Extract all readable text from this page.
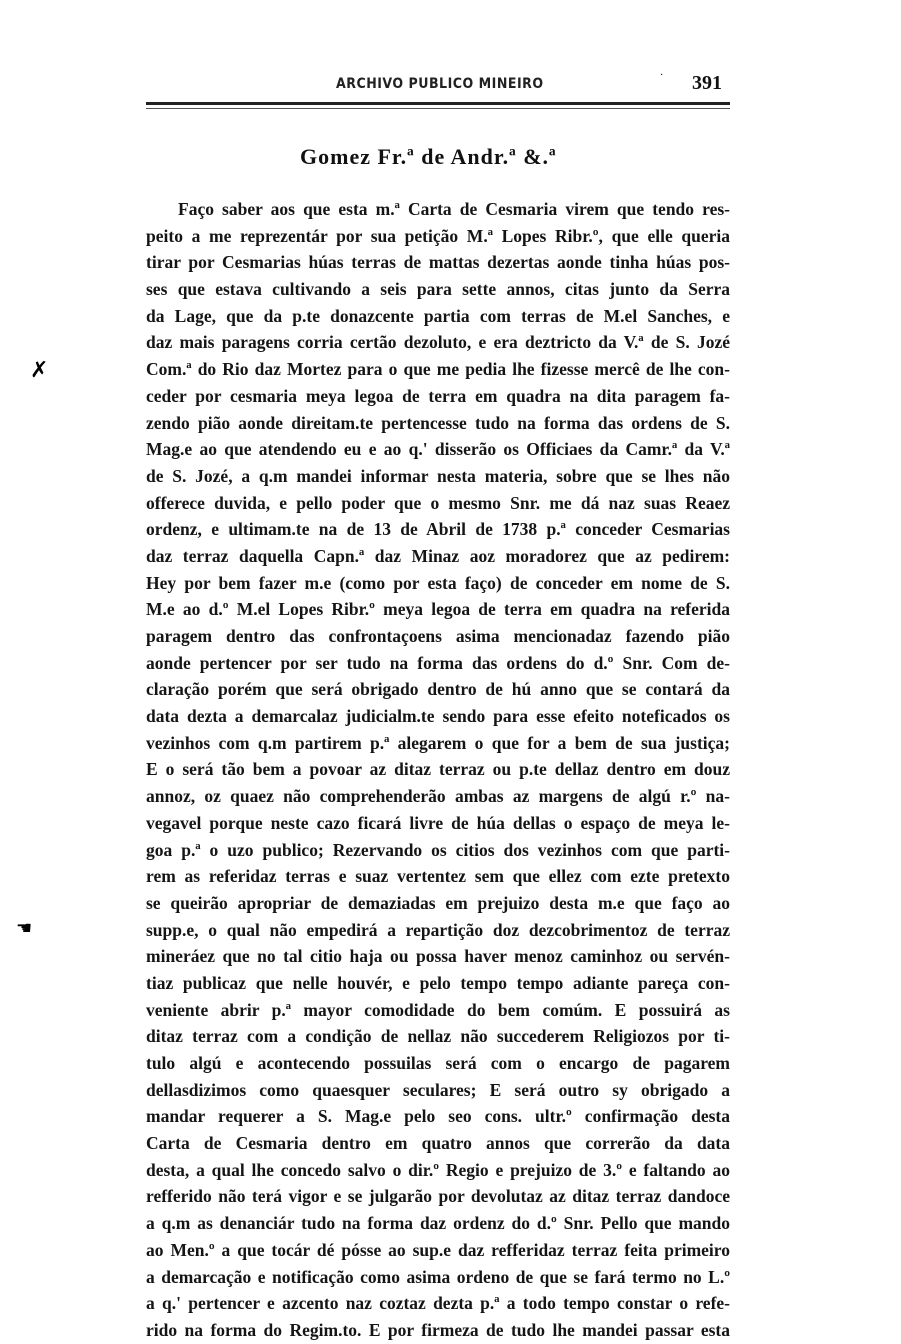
ARCHIVO PUBLICO MINEIRO
· 391
Gomez Fr.ª de Andr.ª &.ª
Faço saber aos que esta m.ª Carta de Cesmaria virem que tendo res-
peito a me reprezentár por sua petição M.ª Lopes Ribr.º, que elle queria
tirar por Cesmarias húas terras de mattas dezertas aonde tinha húas pos-
ses que estava cultivando a seis para sette annos, citas junto da Serra
da Lage, que da p.te donazcente partia com terras de M.el Sanches, e
daz mais paragens corria certão dezoluto, e era deztricto da V.ª de S. Jozé
Com.ª do Rio daz Mortez para o que me pedia lhe fizesse mercê de lhe con-
ceder por cesmaria meya legoa de terra em quadra na dita paragem fa-
zendo pião aonde direitam.te pertencesse tudo na forma das ordens de S.
Mag.e ao que atendendo eu e ao q.' disserão os Officiaes da Camr.ª da V.ª
de S. Jozé, a q.m mandei informar nesta materia, sobre que se lhes não
offerece duvida, e pello poder que o mesmo Snr. me dá naz suas Reaez
ordenz, e ultimam.te na de 13 de Abril de 1738 p.ª conceder Cesmarias
daz terraz daquella Capn.ª daz Minaz aoz moradorez que az pedirem:
Hey por bem fazer m.e (como por esta faço) de conceder em nome de S.
M.e ao d.º M.el Lopes Ribr.º meya legoa de terra em quadra na referida
paragem dentro das confrontaçoens asima mencionadaz fazendo pião
aonde pertencer por ser tudo na forma das ordens do d.º Snr. Com de-
claração porém que será obrigado dentro de hú anno que se contará da
data dezta a demarcalaz judicialm.te sendo para esse efeito noteficados os
vezinhos com q.m partirem p.ª alegarem o que for a bem de sua justiça;
E o será tão bem a povoar az ditaz terraz ou p.te dellaz dentro em douz
annoz, oz quaez não comprehenderão ambas az margens de algú r.º na-
vegavel porque neste cazo ficará livre de húa dellas o espaço de meya le-
goa p.ª o uzo publico; Rezervando os citios dos vezinhos com que parti-
rem as referidaz terras e suaz vertentez sem que ellez com ezte pretexto
se queirão apropriar de demaziadas em prejuizo desta m.e que faço ao
supp.e, o qual não empedirá a repartição doz dezcobrimentoz de terraz
mineráez que no tal citio haja ou possa haver menoz caminhoz ou servén-
tiaz publicaz que nelle houvér, e pelo tempo tempo adiante pareça con-
veniente abrir p.ª mayor comodidade do bem comúm. E possuirá as
ditaz terraz com a condição de nellaz não succederem Religiozos por ti-
tulo algú e acontecendo possuilas será com o encargo de pagarem
dellasdizimos como quaesquer seculares; E será outro sy obrigado a
mandar requerer a S. Mag.e pelo seo cons. ultr.º confirmação desta
Carta de Cesmaria dentro em quatro annos que correrão da data
desta, a qual lhe concedo salvo o dir.º Regio e prejuizo de 3.º e faltando ao
refferido não terá vigor e se julgarão por devolutaz az ditaz terraz dandoce
a q.m as denanciár tudo na forma daz ordenz do d.º Snr. Pello que mando
ao Men.º a que tocár dé pósse ao sup.e daz refferidaz terraz feita primeiro
a demarcação e notificação como asima ordeno de que se fará termo no L.º
a q.' pertencer e azcento naz coztaz dezta p.ª a todo tempo constar o refe-
rido na forma do Regim.to. E por firmeza de tudo lhe mandei passar esta
✗
☚
